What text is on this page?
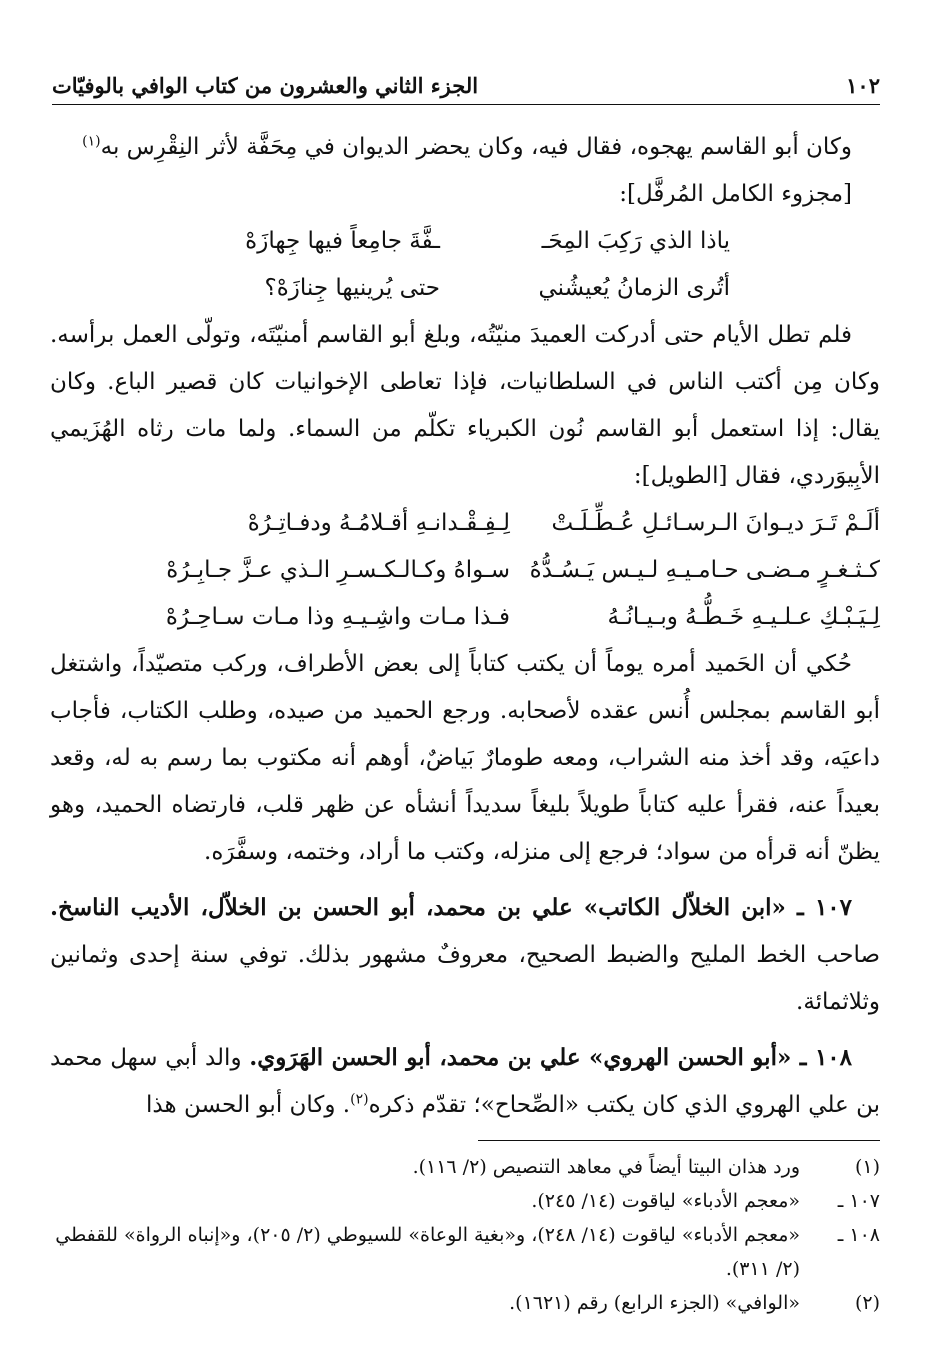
١٠٢
الجزء الثاني والعشرون من كتاب الوافي بالوفيّات

وكان أبو القاسم يهجوه، فقال فيه، وكان يحضر الديوان في مِحَفَّة لأثر النِقْرِس به$^{(١)}$
[مجزوء الكامل المُرفَّل]:

ياذا الذي رَكِبَ المِحَـ
ـفَّةَ جامِعاً فيها جِهازَهْ
أتُرى الزمانُ يُعيشُني
حتى يُرينيها جِنازَهْ؟

فلم تطل الأيام حتى أدركت العميدَ منيّتُه، وبلغ أبو القاسم أمنيّتَه، وتولّى العمل برأسه. وكان مِن أكتب الناس في السلطانيات، فإذا تعاطى الإخوانيات كان قصير الباع. وكان يقال: إذا استعمل أبو القاسم نُون الكبرياء تكلّم من السماء. ولما مات رثاه الهُزَيمي الأبِيوَردي، فقال [الطويل]:

ألَـمْ تَـرَ ديـوانَ الـرسـائـلِ عُـطِّـلَـتْ
لِـفِـقْـدانـهِ أقـلامُـهُ ودفـاتِـرُهْ
كـثـغـرٍ مـضـى حـامـيـهِ لـيـس يَـسُـدُّهُ
سـواهُ وكـالـكـسـرِ الـذي عـزَّ جـابِـرُهْ
لِـيَـبْـكِ عـلـيـهِ خَـطُّـهُ وبـيـانُـهُ
فـذا مـات واشِـيـهِ وذا مـات سـاحِـرُهْ

حُكي أن الحَميد أمره يوماً أن يكتب كتاباً إلى بعض الأطراف، وركب متصيّداً، واشتغل أبو القاسم بمجلس أُنس عقده لأصحابه. ورجع الحميد من صيده، وطلب الكتاب، فأجاب داعيَه، وقد أخذ منه الشراب، ومعه طومارٌ بَياضٌ، أوهم أنه مكتوب بما رسم به له، وقعد بعيداً عنه، فقرأ عليه كتاباً طويلاً بليغاً سديداً أنشأه عن ظهر قلب، فارتضاه الحميد، وهو يظنّ أنه قرأه من سواد؛ فرجع إلى منزله، وكتب ما أراد، وختمه، وسفَّرَه.

١٠٧ ـ «ابن الخلاّل الكاتب» علي بن محمد، أبو الحسن بن الخلاّل، الأديب الناسخ. صاحب الخط المليح والضبط الصحيح، معروفٌ مشهور بذلك. توفي سنة إحدى وثمانين وثلاثمائة.

١٠٨ ـ «أبو الحسن الهروي» علي بن محمد، أبو الحسن الهَرَوي. والد أبي سهل محمد بن علي الهروي الذي كان يكتب «الصِّحاح»؛ تقدّم ذكره$^{(٢)}$. وكان أبو الحسن هذا

(١)
ورد هذان البيتا أيضاً في معاهد التنصيص (٢/ ١١٦).
١٠٧ ـ
«معجم الأدباء» لياقوت (١٤/ ٢٤٥).
١٠٨ ـ
«معجم الأدباء» لياقوت (١٤/ ٢٤٨)، و«بغية الوعاة» للسيوطي (٢/ ٢٠٥)، و«إنباه الرواة» للقفطي (٢/ ٣١١).
(٢)
«الوافي» (الجزء الرابع) رقم (١٦٢١).
